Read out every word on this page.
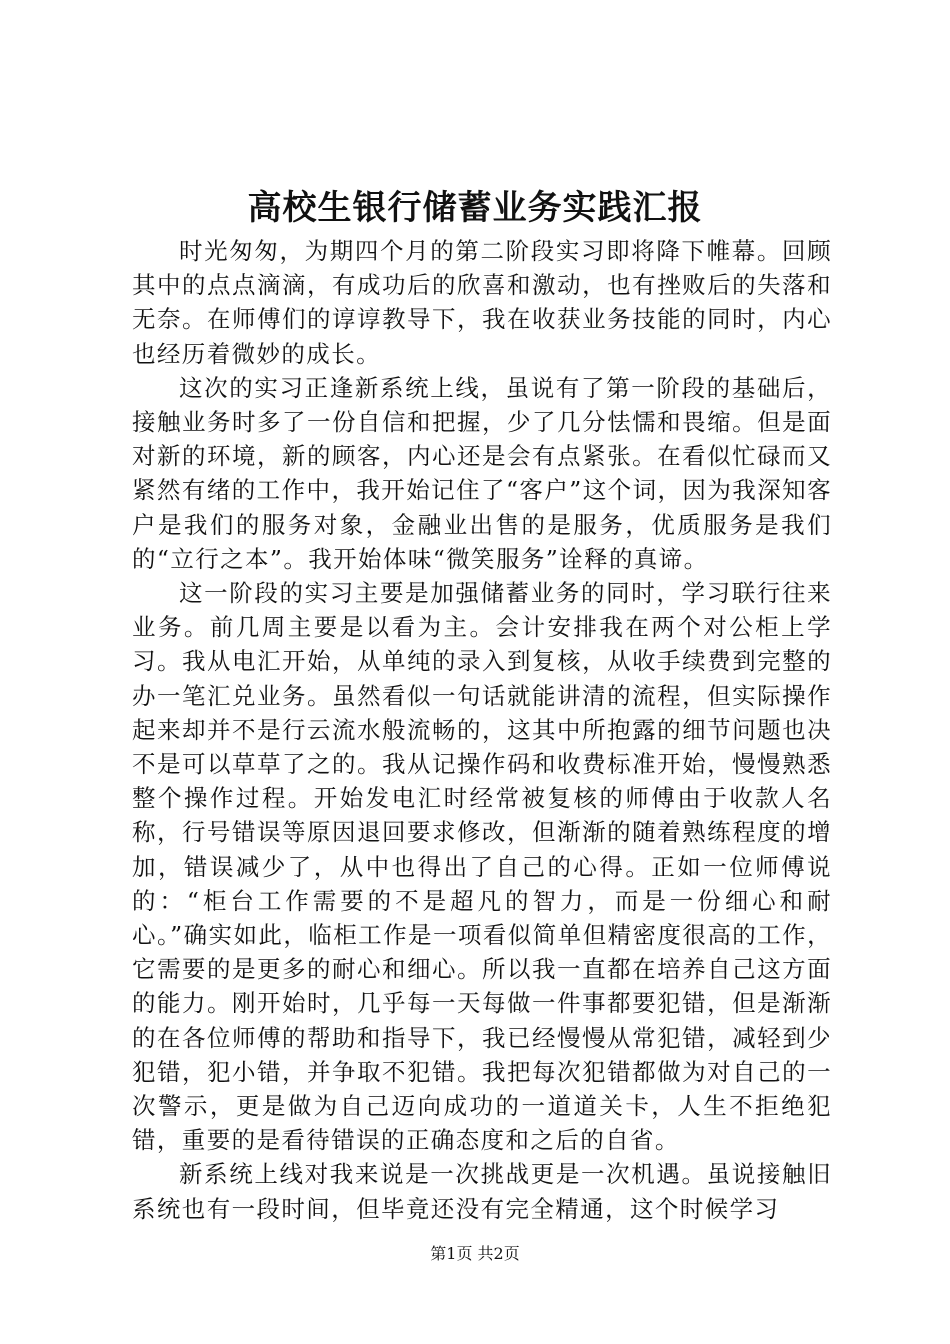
高校生银行储蓄业务实践汇报

时光匆匆，为期四个月的第二阶段实习即将降下帷幕。回顾其中的点点滴滴，有成功后的欣喜和激动，也有挫败后的失落和无奈。在师傅们的谆谆教导下，我在收获业务技能的同时，内心也经历着微妙的成长。

这次的实习正逢新系统上线，虽说有了第一阶段的基础后，接触业务时多了一份自信和把握，少了几分怯懦和畏缩。但是面对新的环境，新的顾客，内心还是会有点紧张。在看似忙碌而又紧然有绪的工作中，我开始记住了“客户”这个词，因为我深知客户是我们的服务对象，金融业出售的是服务，优质服务是我们的“立行之本”。我开始体味“微笑服务”诠释的真谛。

这一阶段的实习主要是加强储蓄业务的同时，学习联行往来业务。前几周主要是以看为主。会计安排我在两个对公柜上学习。我从电汇开始，从单纯的录入到复核，从收手续费到完整的办一笔汇兑业务。虽然看似一句话就能讲清的流程，但实际操作起来却并不是行云流水般流畅的，这其中所抱露的细节问题也决不是可以草草了之的。我从记操作码和收费标准开始，慢慢熟悉整个操作过程。开始发电汇时经常被复核的师傅由于收款人名称，行号错误等原因退回要求修改，但渐渐的随着熟练程度的增加，错误减少了，从中也得出了自己的心得。正如一位师傅说的：“柜台工作需要的不是超凡的智力，而是一份细心和耐心。”确实如此，临柜工作是一项看似简单但精密度很高的工作，它需要的是更多的耐心和细心。所以我一直都在培养自己这方面的能力。刚开始时，几乎每一天每做一件事都要犯错，但是渐渐的在各位师傅的帮助和指导下，我已经慢慢从常犯错，减轻到少犯错，犯小错，并争取不犯错。我把每次犯错都做为对自己的一次警示，更是做为自己迈向成功的一道道关卡，人生不拒绝犯错，重要的是看待错误的正确态度和之后的自省。

新系统上线对我来说是一次挑战更是一次机遇。虽说接触旧系统也有一段时间，但毕竟还没有完全精通，这个时候学习

第1页 共2页
